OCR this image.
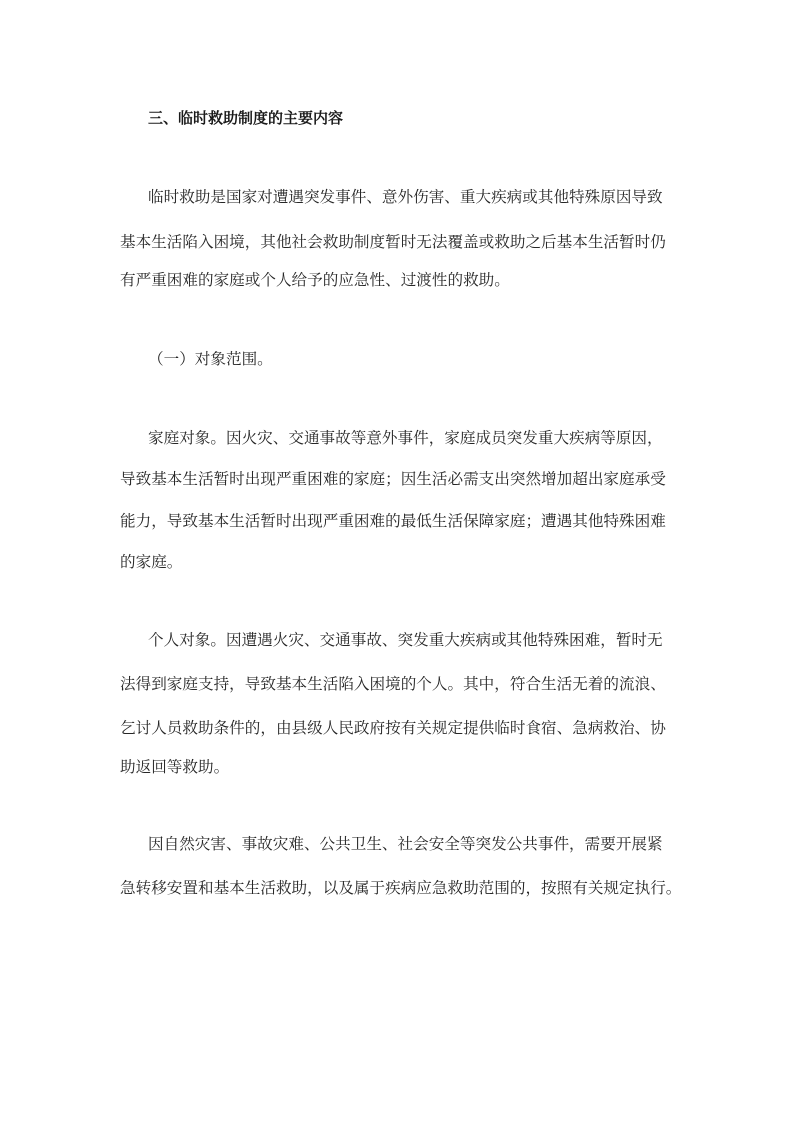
三、临时救助制度的主要内容
临时救助是国家对遭遇突发事件、意外伤害、重大疾病或其他特殊原因导致
基本生活陷入困境，其他社会救助制度暂时无法覆盖或救助之后基本生活暂时仍
有严重困难的家庭或个人给予的应急性、过渡性的救助。
（一）对象范围。
家庭对象。因火灾、交通事故等意外事件，家庭成员突发重大疾病等原因，
导致基本生活暂时出现严重困难的家庭；因生活必需支出突然增加超出家庭承受
能力，导致基本生活暂时出现严重困难的最低生活保障家庭；遭遇其他特殊困难
的家庭。
个人对象。因遭遇火灾、交通事故、突发重大疾病或其他特殊困难，暂时无
法得到家庭支持，导致基本生活陷入困境的个人。其中，符合生活无着的流浪、
乞讨人员救助条件的，由县级人民政府按有关规定提供临时食宿、急病救治、协
助返回等救助。
因自然灾害、事故灾难、公共卫生、社会安全等突发公共事件，需要开展紧
急转移安置和基本生活救助，以及属于疾病应急救助范围的，按照有关规定执行。
